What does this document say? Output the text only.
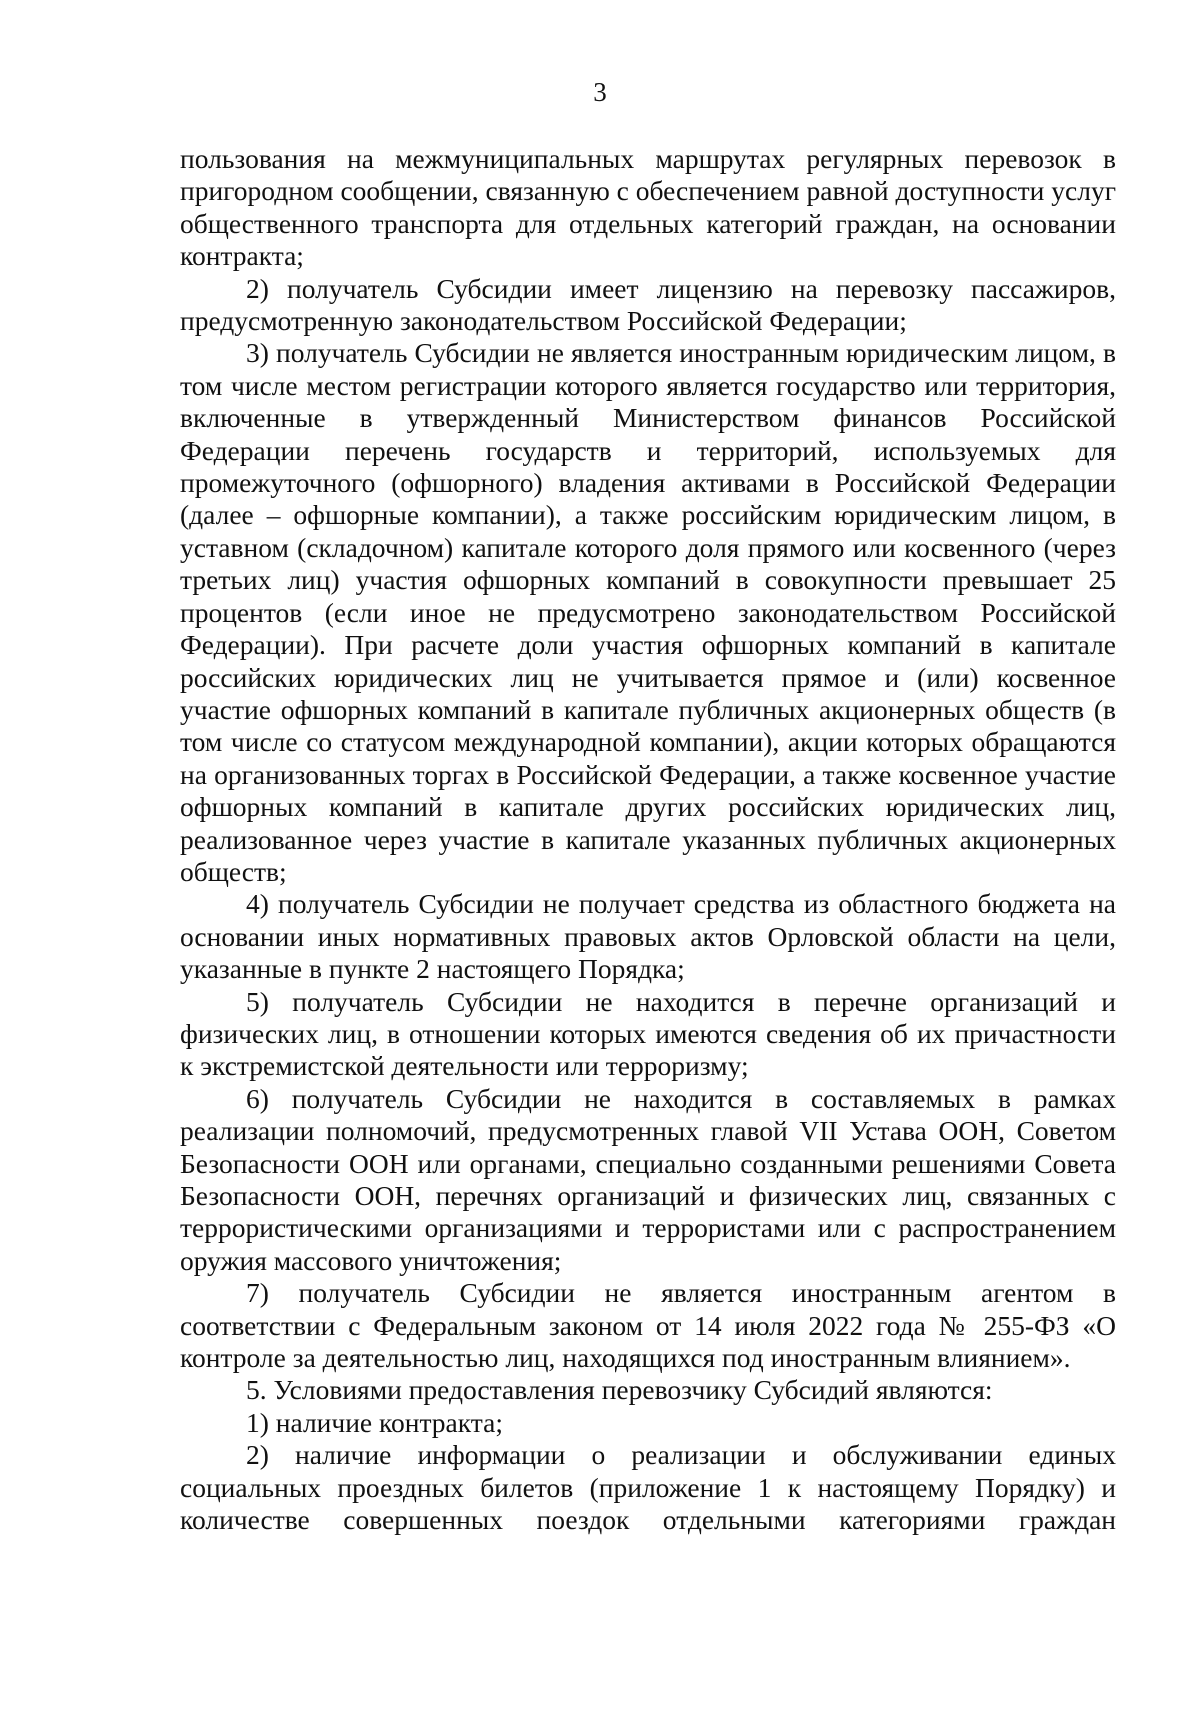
3

пользования на межмуниципальных маршрутах регулярных перевозок в пригородном сообщении, связанную с обеспечением равной доступности услуг общественного транспорта для отдельных категорий граждан, на основании контракта;

2) получатель Субсидии имеет лицензию на перевозку пассажиров, предусмотренную законодательством Российской Федерации;

3) получатель Субсидии не является иностранным юридическим лицом, в том числе местом регистрации которого является государство или территория, включенные в утвержденный Министерством финансов Российской Федерации перечень государств и территорий, используемых для промежуточного (офшорного) владения активами в Российской Федерации (далее – офшорные компании), а также российским юридическим лицом, в уставном (складочном) капитале которого доля прямого или косвенного (через третьих лиц) участия офшорных компаний в совокупности превышает 25 процентов (если иное не предусмотрено законодательством Российской Федерации). При расчете доли участия офшорных компаний в капитале российских юридических лиц не учитывается прямое и (или) косвенное участие офшорных компаний в капитале публичных акционерных обществ (в том числе со статусом международной компании), акции которых обращаются на организованных торгах в Российской Федерации, а также косвенное участие офшорных компаний в капитале других российских юридических лиц, реализованное через участие в капитале указанных публичных акционерных обществ;

4) получатель Субсидии не получает средства из областного бюджета на основании иных нормативных правовых актов Орловской области на цели, указанные в пункте 2 настоящего Порядка;

5) получатель Субсидии не находится в перечне организаций и физических лиц, в отношении которых имеются сведения об их причастности к экстремистской деятельности или терроризму;

6) получатель Субсидии не находится в составляемых в рамках реализации полномочий, предусмотренных главой VII Устава ООН, Советом Безопасности ООН или органами, специально созданными решениями Совета Безопасности ООН, перечнях организаций и физических лиц, связанных с террористическими организациями и террористами или с распространением оружия массового уничтожения;

7) получатель Субсидии не является иностранным агентом в соответствии с Федеральным законом от 14 июля 2022 года № 255-ФЗ «О контроле за деятельностью лиц, находящихся под иностранным влиянием».

5. Условиями предоставления перевозчику Субсидий являются:

1) наличие контракта;

2) наличие информации о реализации и обслуживании единых социальных проездных билетов (приложение 1 к настоящему Порядку) и количестве совершенных поездок отдельными категориями граждан
